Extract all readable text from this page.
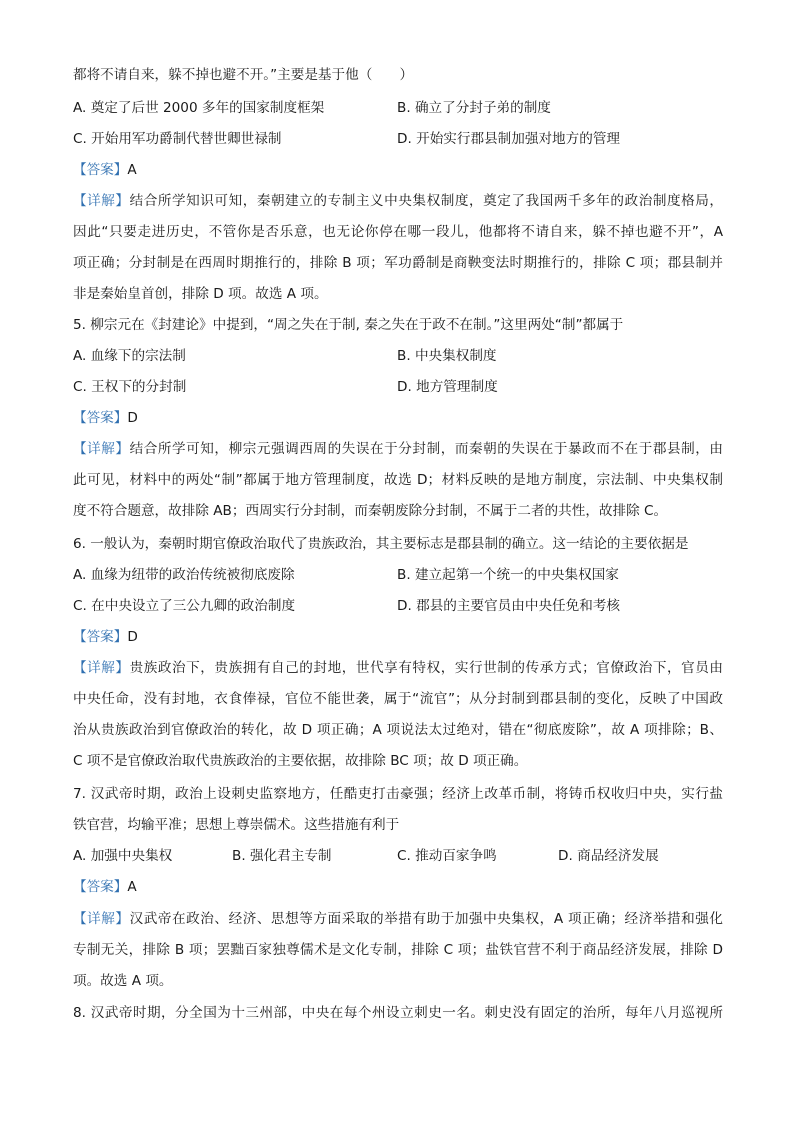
都将不请自来，躲不掉也避不开。”主要是基于他（　　）
A. 奠定了后世 2000 多年的国家制度框架	B. 确立了分封子弟的制度
C. 开始用军功爵制代替世卿世禄制	D. 开始实行郡县制加强对地方的管理
【答案】A
【详解】结合所学知识可知，秦朝建立的专制主义中央集权制度，奠定了我国两千多年的政治制度格局，
因此“只要走进历史，不管你是否乐意，也无论你停在哪一段儿，他都将不请自来，躲不掉也避不开”，A
项正确；分封制是在西周时期推行的，排除 B 项；军功爵制是商鞅变法时期推行的，排除 C 项；郡县制并
非是秦始皇首创，排除 D 项。故选 A 项。
5. 柳宗元在《封建论》中提到，“周之失在于制, 秦之失在于政不在制。”这里两处“制”都属于
A. 血缘下的宗法制	B. 中央集权制度
C. 王权下的分封制	D. 地方管理制度
【答案】D
【详解】结合所学可知，柳宗元强调西周的失误在于分封制，而秦朝的失误在于暴政而不在于郡县制，由
此可见，材料中的两处“制”都属于地方管理制度，故选 D；材料反映的是地方制度，宗法制、中央集权制
度不符合题意，故排除 AB；西周实行分封制，而秦朝废除分封制，不属于二者的共性，故排除 C。
6. 一般认为，秦朝时期官僚政治取代了贵族政治，其主要标志是郡县制的确立。这一结论的主要依据是
A. 血缘为纽带的政治传统被彻底废除	B. 建立起第一个统一的中央集权国家
C. 在中央设立了三公九卿的政治制度	D. 郡县的主要官员由中央任免和考核
【答案】D
【详解】贵族政治下，贵族拥有自己的封地，世代享有特权，实行世制的传承方式；官僚政治下，官员由
中央任命，没有封地，衣食俸禄，官位不能世袭，属于“流官”；从分封制到郡县制的变化，反映了中国政
治从贵族政治到官僚政治的转化，故 D 项正确；A 项说法太过绝对，错在“彻底废除”，故 A 项排除；B、
C 项不是官僚政治取代贵族政治的主要依据，故排除 BC 项；故 D 项正确。
7. 汉武帝时期，政治上设刺史监察地方，任酷吏打击豪强；经济上改革币制，将铸币权收归中央，实行盐
铁官营，均输平准；思想上尊崇儒术。这些措施有利于
A. 加强中央集权	B. 强化君主专制	C. 推动百家争鸣	D. 商品经济发展
【答案】A
【详解】汉武帝在政治、经济、思想等方面采取的举措有助于加强中央集权，A 项正确；经济举措和强化
专制无关，排除 B 项；罢黜百家独尊儒术是文化专制，排除 C 项；盐铁官营不利于商品经济发展，排除 D
项。故选 A 项。
8. 汉武帝时期，分全国为十三州部，中央在每个州设立刺史一名。刺史没有固定的治所，每年八月巡视所
